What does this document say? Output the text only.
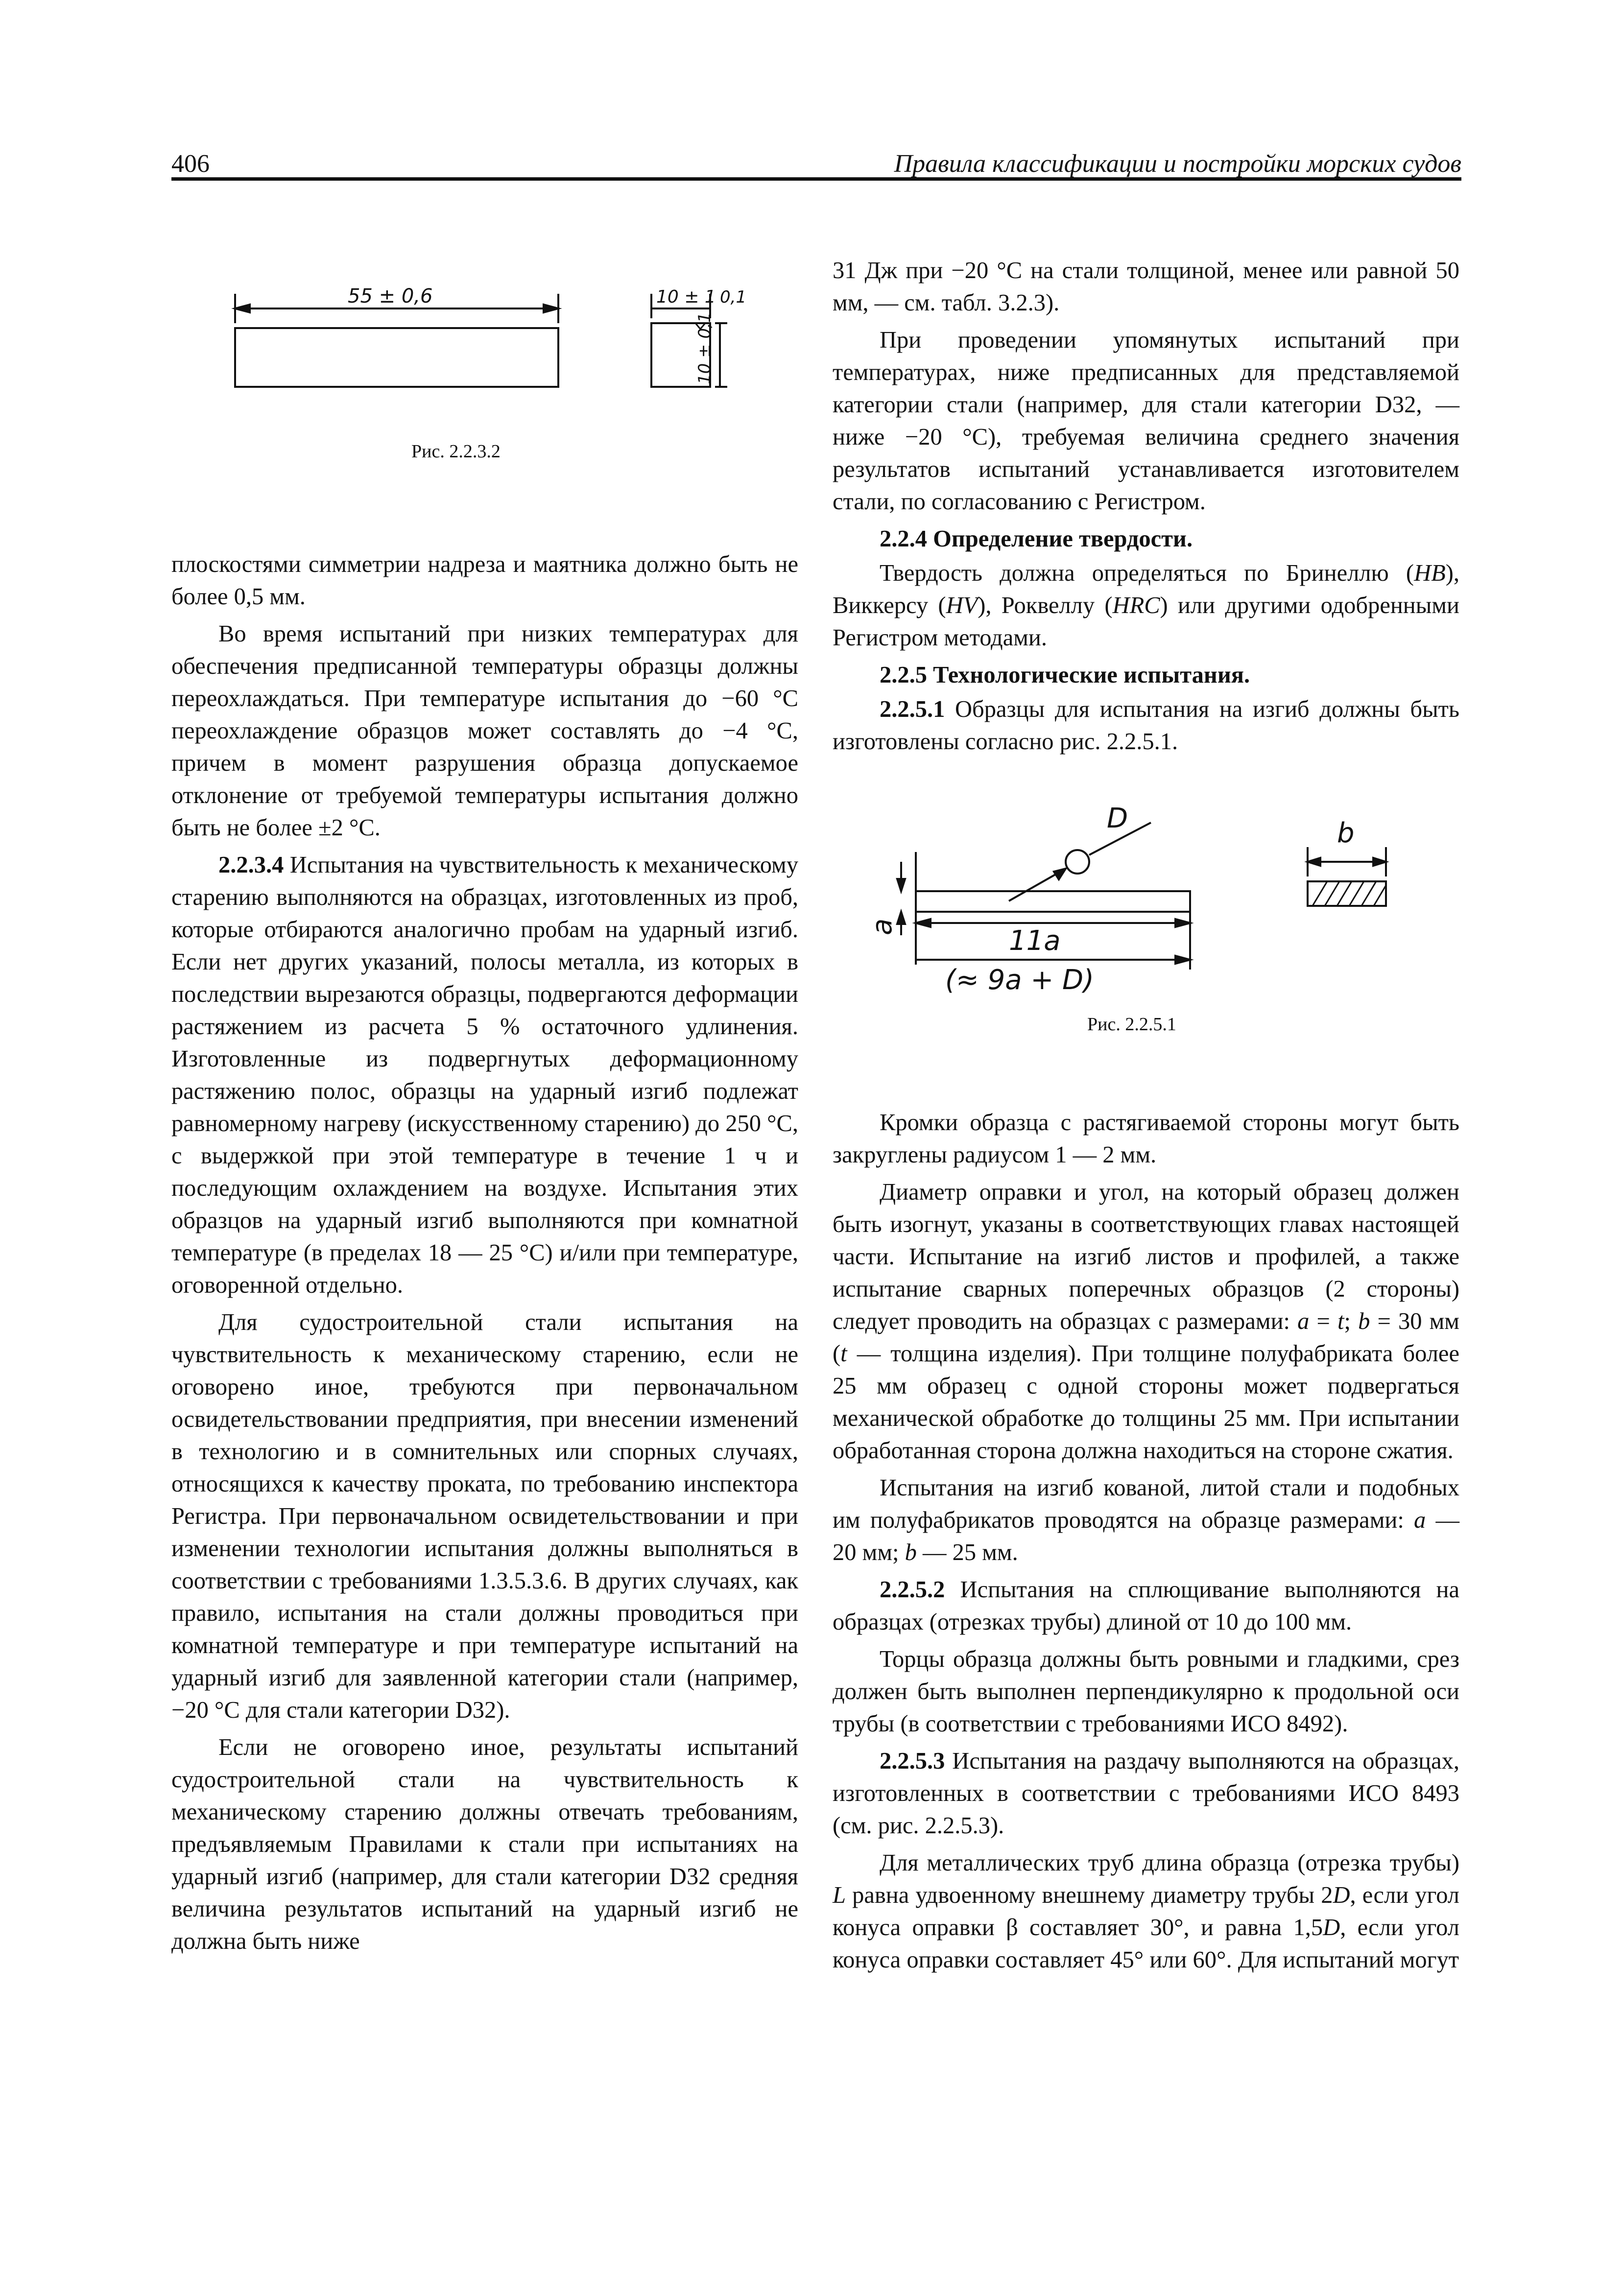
406	Правила классификации и постройки морских судов
55 ± 0,6	10 ± 1 0,1
10 ± 0,1
Рис. 2.2.3.2

плоскостями симметрии надреза и маятника должно быть не более 0,5 мм.

Во время испытаний при низких температурах для обеспечения предписанной температуры образцы должны переохлаждаться. При температуре испытания до −60 °С переохлаждение образцов может составлять до −4 °С, причем в момент разрушения образца допускаемое отклонение от требуемой температуры испытания должно быть не более ±2 °С.

2.2.3.4 Испытания на чувствительность к механическому старению выполняются на образцах, изготовленных из проб, которые отбираются аналогично пробам на ударный изгиб. Если нет других указаний, полосы металла, из которых в последствии вырезаются образцы, подвергаются деформации растяжением из расчета 5 % остаточного удлинения. Изготовленные из подвергнутых деформационному растяжению полос, образцы на ударный изгиб подлежат равномерному нагреву (искусственному старению) до 250 °С, с выдержкой при этой температуре в течение 1 ч и последующим охлаждением на воздухе. Испытания этих образцов на ударный изгиб выполняются при комнатной температуре (в пределах 18 — 25 °С) и/или при температуре, оговоренной отдельно.

Для судостроительной стали испытания на чувствительность к механическому старению, если не оговорено иное, требуются при первоначальном освидетельствовании предприятия, при внесении изменений в технологию и в сомнительных или спорных случаях, относящихся к качеству проката, по требованию инспектора Регистра. При первоначальном освидетельствовании и при изменении технологии испытания должны выполняться в соответствии с требованиями 1.3.5.3.6. В других случаях, как правило, испытания на стали должны проводиться при комнатной температуре и при температуре испытаний на ударный изгиб для заявленной категории стали (например, −20 °С для стали категории D32).

Если не оговорено иное, результаты испытаний судостроительной стали на чувствительность к механическому старению должны отвечать требованиям, предъявляемым Правилами к стали при испытаниях на ударный изгиб (например, для стали категории D32 средняя величина результатов испытаний на ударный изгиб не должна быть ниже

31 Дж при −20 °С на стали толщиной, менее или равной 50 мм, — см. табл. 3.2.3).

При проведении упомянутых испытаний при температурах, ниже предписанных для представляемой категории стали (например, для стали категории D32, — ниже −20 °С), требуемая величина среднего значения результатов испытаний устанавливается изготовителем стали, по согласованию с Регистром.

2.2.4 Определение твердости.

Твердость должна определяться по Бринеллю (HB), Виккерсу (HV), Роквеллу (HRC) или другими одобренными Регистром методами.

2.2.5 Технологические испытания.

2.2.5.1 Образцы для испытания на изгиб должны быть изготовлены согласно рис. 2.2.5.1.

D	b
a	11a
(≈ 9a + D)
Рис. 2.2.5.1

Кромки образца с растягиваемой стороны могут быть закруглены радиусом 1 — 2 мм.

Диаметр оправки и угол, на который образец должен быть изогнут, указаны в соответствующих главах настоящей части. Испытание на изгиб листов и профилей, а также испытание сварных поперечных образцов (2 стороны) следует проводить на образцах с размерами: a = t; b = 30 мм (t — толщина изделия). При толщине полуфабриката более 25 мм образец с одной стороны может подвергаться механической обработке до толщины 25 мм. При испытании обработанная сторона должна находиться на стороне сжатия.

Испытания на изгиб кованой, литой стали и подобных им полуфабрикатов проводятся на образце размерами: a — 20 мм; b — 25 мм.

2.2.5.2 Испытания на сплющивание выполняются на образцах (отрезках трубы) длиной от 10 до 100 мм.

Торцы образца должны быть ровными и гладкими, срез должен быть выполнен перпендикулярно к продольной оси трубы (в соответствии с требованиями ИСО 8492).

2.2.5.3 Испытания на раздачу выполняются на образцах, изготовленных в соответствии с требованиями ИСО 8493 (см. рис. 2.2.5.3).

Для металлических труб длина образца (отрезка трубы) L равна удвоенному внешнему диаметру трубы 2D, если угол конуса оправки β составляет 30°, и равна 1,5D, если угол конуса оправки составляет 45° или 60°. Для испытаний могут
